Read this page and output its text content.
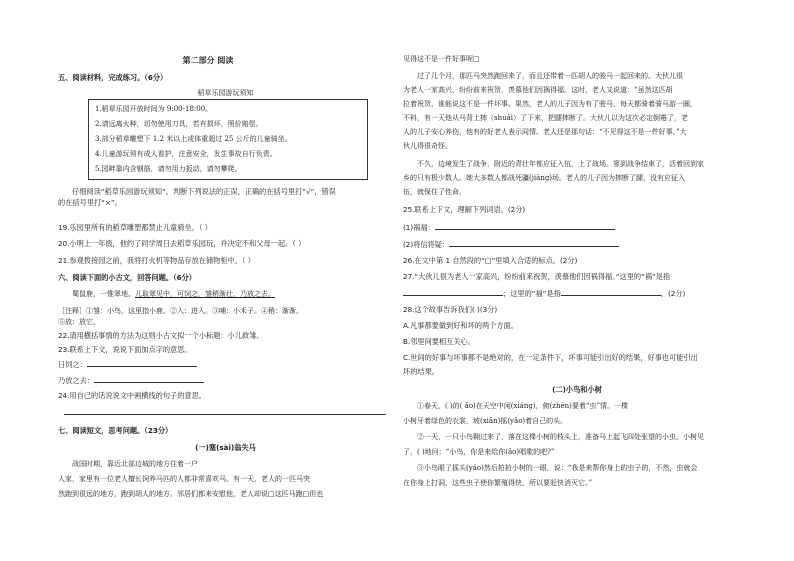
第二部分 阅读
五、阅读材料，完成练习。（6分）
稻草乐园游玩须知
1.稻草乐园开放时间为 9:00-18:00。
2.请远离火种，切勿使用刀具，若有损坏，照价赔偿。
3.部分稻草雕塑下 1.2 米以上或体重超过 25 公斤的儿童骑坐。
4.儿童游玩须有成人看护，注意安全，发生事故自行负责。
5.园畔靠内含钢筋，请勿用力扳动，请勿攀爬。
仔细阅读“稻草乐园游玩须知”，判断下列说法的正误，正确的在括号里打“√”，错误
的在括号里打“×”。
19.乐园里所有的稻草雕塑都禁止儿童骑坐。（ ）
20.小明上一年级，他约了同学周日去稻草乐园玩，并决定不和父母一起。（ ）
21.参观拨接园之前，我将打火机等物品存放在储物柜中。（ ）
六、阅读下面的小古文，回答问题。（6分）
蜀鼠鹿，一惟翠地。儿取翠见中，可饲之，雏稍渐壮，乃放之去。
［注释］①雏：小鸟，这里指小鹿。②入：进入。③哺：小禾子。④稍：渐渐。
⑤放：放它。
22.请用横括事情的方法为这则小古文拟一个小标题：小儿救雏。
23.联系上下文，说说下面加点字的意思。
日饲之：
乃放之去：
24.用自己的话说说文中画横线的句子的意思。
七、阅读短文，思考问题。（23分）
(一)塞(sài)翁失马
战国时期，靠近北部边城的地方住着一户
人家，家里有一位老人擅长饲养马匹的人都非常喜欢马。有一天，老人的一匹马突
然跑到很远的地方，跑到胡人的地方。邻居们都来安慰他，老人却说□这匹马跑□但也
见得这不是一件好事呢□
过了几个月，那匹马突然跑回来了，而且还带着一匹胡人的骏马一起回来的。大伙儿很
为老人一家高兴，纷纷前来祝贺，羡慕他们因祸得福。这时，老人又说道：“虽然这匹胡
拉着祝贺，谁能说这不是一件坏事。果然，老人的儿子因为有了骏马，每天都骑着骑马游一圈，
不料，有一天他从马背上摔（shuāi）了下来，把腿摔断了。大伙儿以为这次必定倒霉了，老
人的儿子安心养伤，他有的好老人表示同情。老人还是那句话：“不见得这不是一件好事。”大
伙儿得很奇怪。
不久，边境发生了战争，附近的青壮年都应征入伍，上了战场。寥到战争结束了，活着回到家
乡的只有极少数人。她大多数人都战死疆(jiāng)场。老人的儿子因为摔断了腿，没有应征入
伍，就保住了性命。
25.联系上下文，理解下列词语。(2分)
(1)祸福：
(2)将信将疑：
26.在文中第 1 自然段的“□”里填入合适的标点。(2分)
27.“大伙儿很为老人一家高兴，纷纷前来祝贺，羡慕他们因祸得福。”这里的“祸”是指
；这里的“福”是指	。(2分)
28.这个故事告诉我们( )(3分)
A.凡事都要做到好和坏的两个方面。
B.邻里间要相互关心。
C.世间的好事与坏事都不是绝对的，在一定条件下，坏事可能引出好的结果，好事也可能引出
坏的结果。
(二)小鸟和小树
①春天，( )的( ǎo)在天空中闲(xiáng)，俯(zhèn)要着“虫”情。一棵
小树牙着绿色的衣裳，坡(xiǎn)摇(yǎo)着自己的头。
②一天，一只小鸟翱过来了，落在这棵小树的枝头上，准备马上起飞四处张望的小虫。小树见
了，( )地问：“小鸟，你是来给你(ǎo)唱歌的吧?”
③小鸟眼了摇头(yáo)然后拍拍小树的一眼，说：“我是来帮你身上的虫子的，不然，虫就会
在你身上打洞，这些虫子使你繁殖得快，所以要赶快消灭它。”
